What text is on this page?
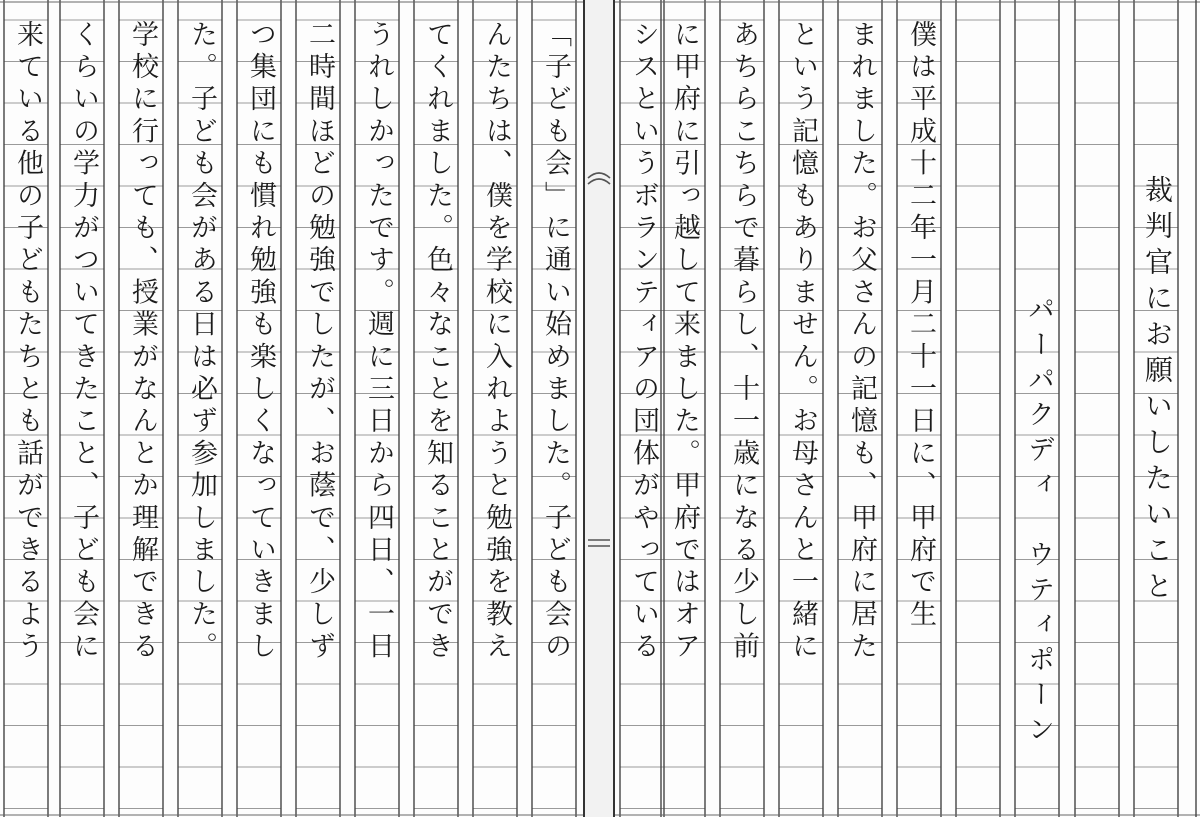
裁判官にお願いしたいこと
パーパクディ　ウティポーン
僕は平成十二年一月二十一日に、甲府で生
まれました。お父さんの記憶も、甲府に居た
という記憶もありません。お母さんと一緒に
あちらこちらで暮らし、十一歳になる少し前
に甲府に引っ越して来ました。甲府ではオア
シスというボランティアの団体がやっている
「子ども会」に通い始めました。子ども会の
んたちは、僕を学校に入れようと勉強を教え
てくれました。色々なことを知ることができ
うれしかったです。週に三日から四日、一日
二時間ほどの勉強でしたが、お蔭で、少しず
つ集団にも慣れ勉強も楽しくなっていきまし
た。子ども会がある日は必ず参加しました。
学校に行っても、授業がなんとか理解できる
くらいの学力がついてきたこと、子ども会に
来ている他の子どもたちとも話ができるよう
